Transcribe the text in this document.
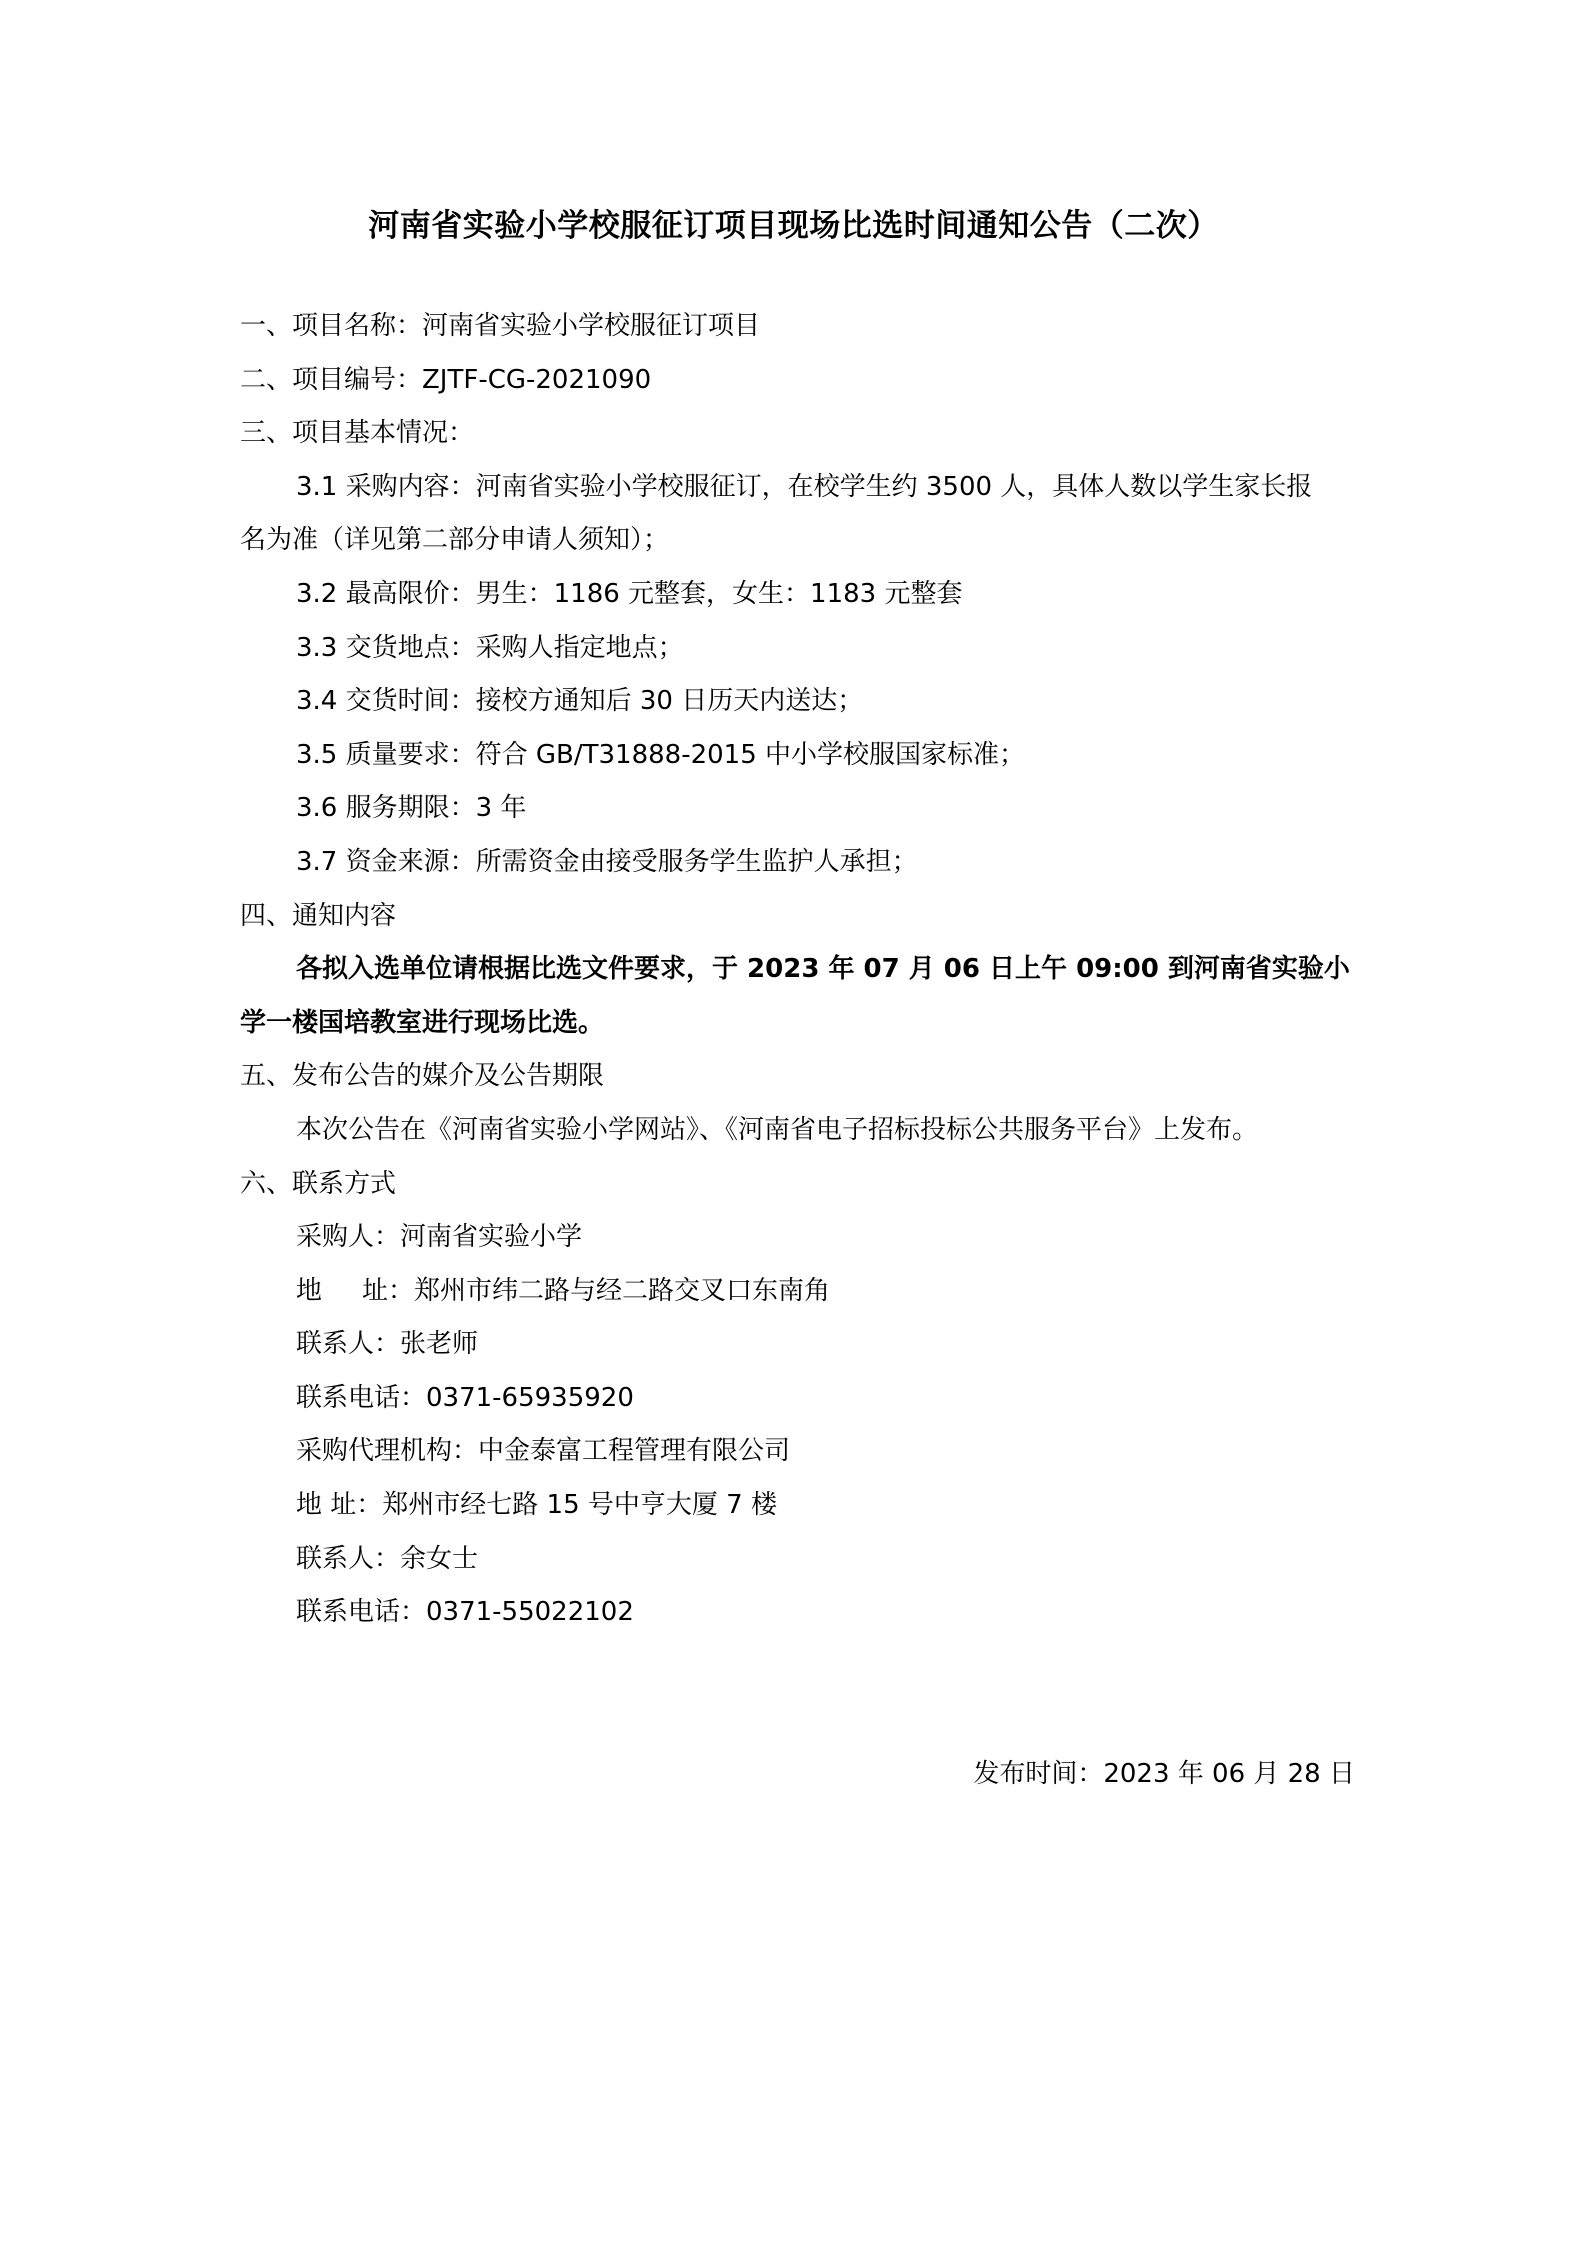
河南省实验小学校服征订项目现场比选时间通知公告（二次）
一、项目名称：河南省实验小学校服征订项目
二、项目编号：ZJTF-CG-2021090
三、项目基本情况：
3.1 采购内容：河南省实验小学校服征订，在校学生约 3500 人，具体人数以学生家长报
名为准（详见第二部分申请人须知）；
3.2 最高限价：男生：1186 元整套，女生：1183 元整套
3.3 交货地点：采购人指定地点；
3.4 交货时间：接校方通知后 30 日历天内送达；
3.5 质量要求：符合 GB/T31888-2015 中小学校服国家标准；
3.6 服务期限：3 年
3.7 资金来源：所需资金由接受服务学生监护人承担；
四、通知内容
各拟入选单位请根据比选文件要求，于 2023 年 07 月 06 日上午 09:00 到河南省实验小
学一楼国培教室进行现场比选。
五、发布公告的媒介及公告期限
本次公告在《河南省实验小学网站》、《河南省电子招标投标公共服务平台》上发布。
六、联系方式
采购人：河南省实验小学
地 址：郑州市纬二路与经二路交叉口东南角
联系人：张老师
联系电话：0371-65935920
采购代理机构：中金泰富工程管理有限公司
地 址：郑州市经七路 15 号中亨大厦 7 楼
联系人：余女士
联系电话：0371-55022102
发布时间：2023 年 06 月 28 日
